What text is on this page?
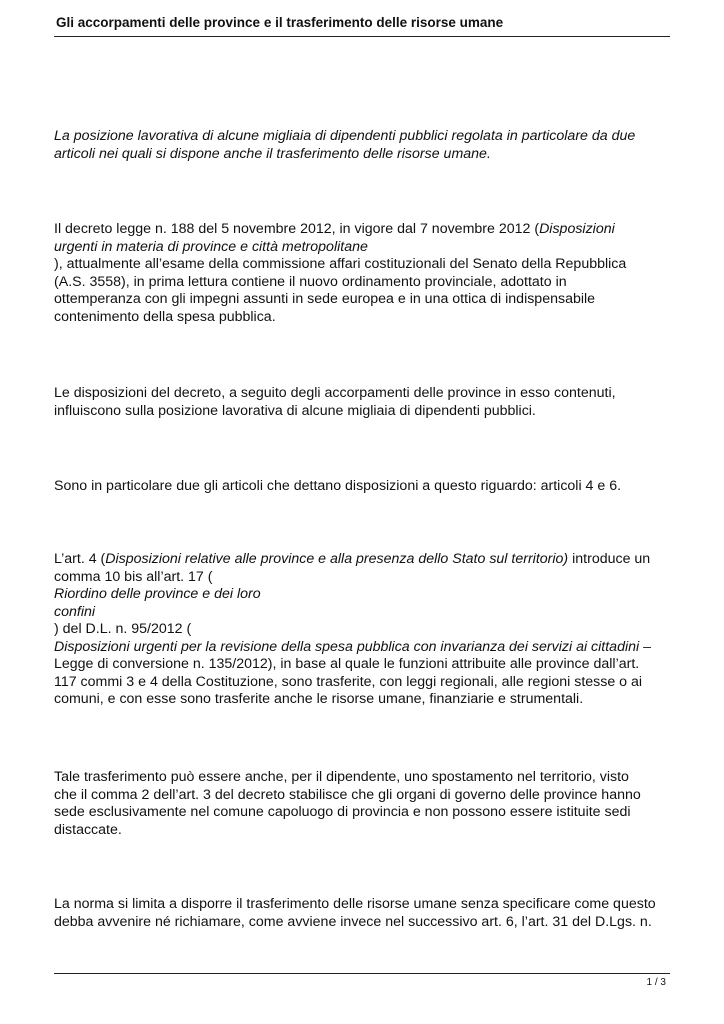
Gli accorpamenti delle province e il trasferimento delle risorse umane
La posizione lavorativa di alcune migliaia di dipendenti pubblici regolata in particolare da due
articoli nei quali si dispone anche il trasferimento delle risorse umane.
Il decreto legge n. 188 del 5 novembre 2012, in vigore dal 7 novembre 2012 (Disposizioni
urgenti in materia di province e città metropolitane
), attualmente all’esame della commissione affari costituzionali del Senato della Repubblica
(A.S. 3558), in prima lettura contiene il nuovo ordinamento provinciale, adottato in
ottemperanza con gli impegni assunti in sede europea e in una ottica di indispensabile
contenimento della spesa pubblica.
Le disposizioni del decreto, a seguito degli accorpamenti delle province in esso contenuti,
influiscono sulla posizione lavorativa di alcune migliaia di dipendenti pubblici.
Sono in particolare due gli articoli che dettano disposizioni a questo riguardo: articoli 4 e 6.
L’art. 4 (Disposizioni relative alle province e alla presenza dello Stato sul territorio) introduce un
comma 10 bis all’art. 17 (
Riordino delle province e dei loro
confini
) del D.L. n. 95/2012 (
Disposizioni urgenti per la revisione della spesa pubblica con invarianza dei servizi ai cittadini –
Legge di conversione n. 135/2012), in base al quale le funzioni attribuite alle province dall’art.
117 commi 3 e 4 della Costituzione, sono trasferite, con leggi regionali, alle regioni stesse o ai
comuni, e con esse sono trasferite anche le risorse umane, finanziarie e strumentali.
Tale trasferimento può essere anche, per il dipendente, uno spostamento nel territorio, visto
che il comma 2 dell’art. 3 del decreto stabilisce che gli organi di governo delle province hanno
sede esclusivamente nel comune capoluogo di provincia e non possono essere istituite sedi
distaccate.
La norma si limita a disporre il trasferimento delle risorse umane senza specificare come questo
debba avvenire né richiamare, come avviene invece nel successivo art. 6, l’art. 31 del D.Lgs. n.
1 / 3
